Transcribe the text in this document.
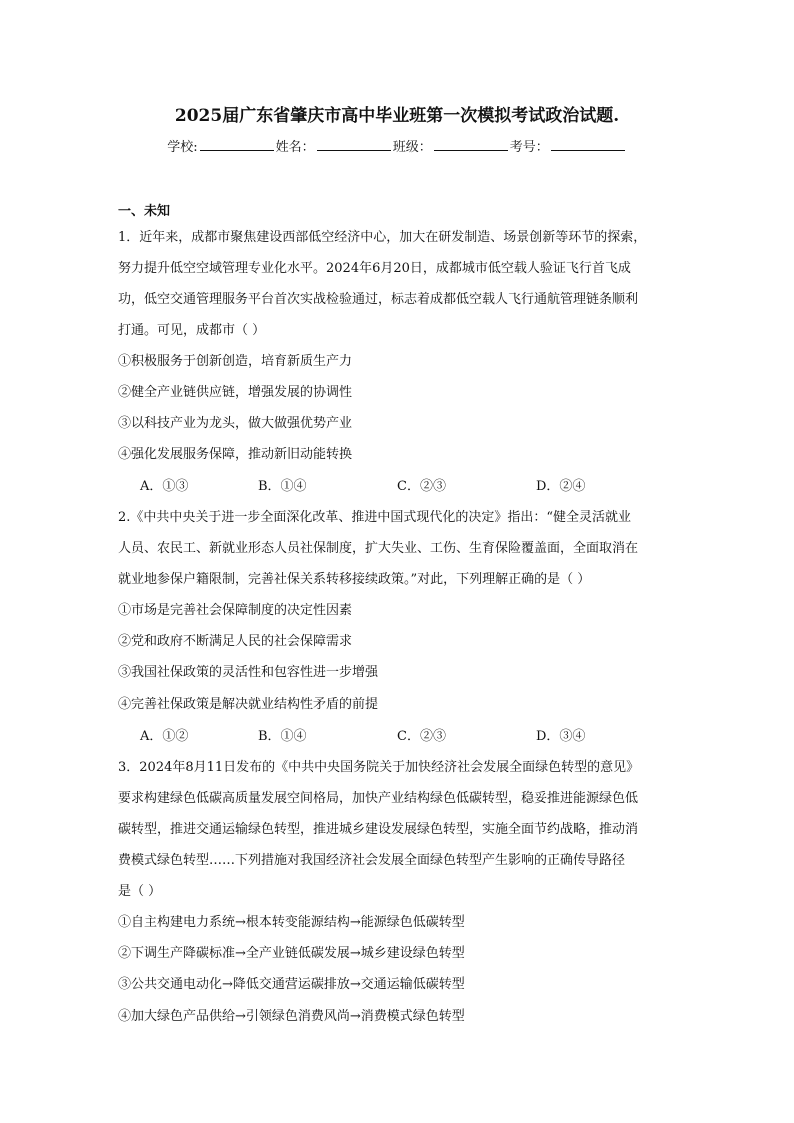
2025届广东省肇庆市高中毕业班第一次模拟考试政治试题.
学校:	姓名：	班级：	考号：
一、未知
1．近年来，成都市聚焦建设西部低空经济中心，加大在研发制造、场景创新等环节的探索，
努力提升低空空域管理专业化水平。2024年6月20日，成都城市低空载人验证飞行首飞成
功，低空交通管理服务平台首次实战检验通过，标志着成都低空载人飞行通航管理链条顺利
打通。可见，成都市（ ）
①积极服务于创新创造，培育新质生产力
②健全产业链供应链，增强发展的协调性
③以科技产业为龙头，做大做强优势产业
④强化发展服务保障，推动新旧动能转换
A．①③	B．①④	C．②③	D．②④
2.《中共中央关于进一步全面深化改革、推进中国式现代化的决定》指出：“健全灵活就业
人员、农民工、新就业形态人员社保制度，扩大失业、工伤、生育保险覆盖面，全面取消在
就业地参保户籍限制，完善社保关系转移接续政策。”对此，下列理解正确的是（ ）
①市场是完善社会保障制度的决定性因素
②党和政府不断满足人民的社会保障需求
③我国社保政策的灵活性和包容性进一步增强
④完善社保政策是解决就业结构性矛盾的前提
A．①②	B．①④	C．②③	D．③④
3．2024年8月11日发布的《中共中央国务院关于加快经济社会发展全面绿色转型的意见》
要求构建绿色低碳高质量发展空间格局，加快产业结构绿色低碳转型，稳妥推进能源绿色低
碳转型，推进交通运输绿色转型，推进城乡建设发展绿色转型，实施全面节约战略，推动消
费模式绿色转型……下列措施对我国经济社会发展全面绿色转型产生影响的正确传导路径
是（ ）
①自主构建电力系统→根本转变能源结构→能源绿色低碳转型
②下调生产降碳标准→全产业链低碳发展→城乡建设绿色转型
③公共交通电动化→降低交通营运碳排放→交通运输低碳转型
④加大绿色产品供给→引领绿色消费风尚→消费模式绿色转型
